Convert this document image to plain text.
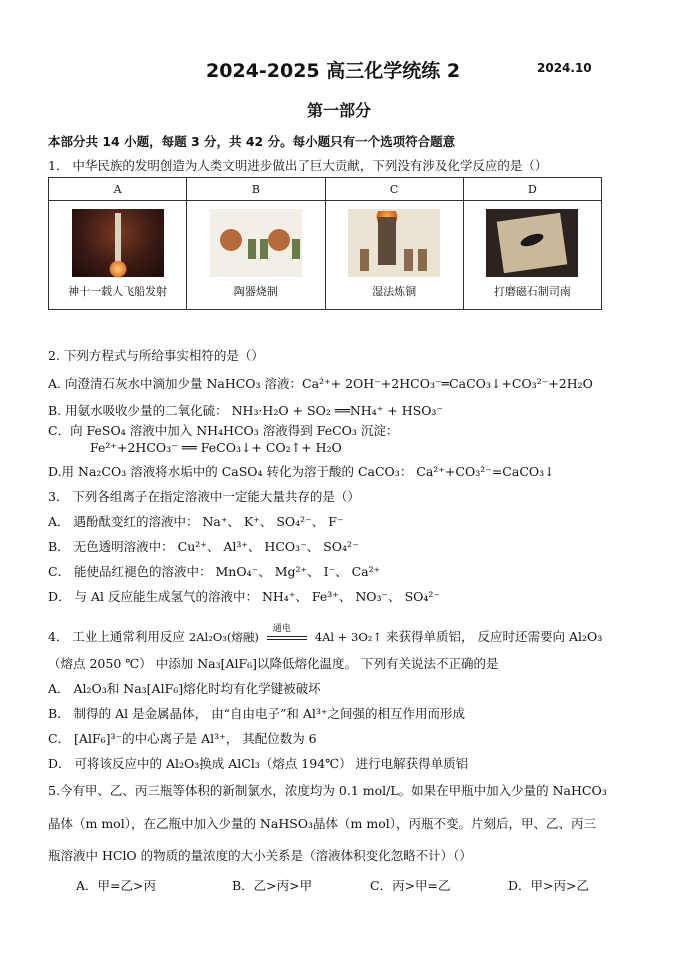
2024-2025 高三化学统练 2	2024.10
第一部分
本部分共 14 小题，每题 3 分，共 42 分。每小题只有一个选项符合题意
1． 中华民族的发明创造为人类文明进步做出了巨大贡献，下列没有涉及化学反应的是（）
A	B	C	D

神十一载人飞船发射	陶器烧制	湿法炼铜	打磨磁石制司南
2. 下列方程式与所给事实相符的是（）
A. 向澄清石灰水中滴加少量 NaHCO₃ 溶液：Ca²⁺+ 2OH⁻+2HCO₃⁻═CaCO₃↓+CO₃²⁻+2H₂O
B. 用氨水吸收少量的二氧化硫： NH₃·H₂O + SO₂ ══NH₄⁺ + HSO₃⁻
C．向 FeSO₄ 溶液中加入 NH₄HCO₃ 溶液得到 FeCO₃ 沉淀：
Fe²⁺+2HCO₃⁻ ══ FeCO₃↓+ CO₂↑+ H₂O
D.用 Na₂CO₃ 溶液将水垢中的 CaSO₄ 转化为溶于酸的 CaCO₃： Ca²⁺+CO₃²⁻=CaCO₃↓
3． 下列各组离子在指定溶液中一定能大量共存的是（）
A． 遇酚酞变红的溶液中： Na⁺、 K⁺、 SO₄²⁻、 F⁻
B． 无色透明溶液中： Cu²⁺、 Al³⁺、 HCO₃⁻、 SO₄²⁻
C． 能使品红褪色的溶液中： MnO₄⁻、 Mg²⁺、 I⁻、 Ca²⁺
D． 与 Al 反应能生成氢气的溶液中： NH₄⁺、 Fe³⁺、 NO₃⁻、 SO₄²⁻
4． 工业上通常利用反应 2Al₂O₃(熔融)
通电
4Al + 3O₂↑ 来获得单质铝， 反应时还需要向 Al₂O₃
（熔点 2050 ℃） 中添加 Na₃[AlF₆]以降低熔化温度。 下列有关说法不正确的是
A． Al₂O₃和 Na₃[AlF₆]熔化时均有化学键被破坏
B． 制得的 Al 是金属晶体， 由“自由电子”和 Al³⁺之间强的相互作用而形成
C． [AlF₆]³⁻的中心离子是 Al³⁺， 其配位数为 6
D． 可将该反应中的 Al₂O₃换成 AlCl₃（熔点 194℃） 进行电解获得单质铝
5.今有甲、乙、丙三瓶等体积的新制氯水，浓度均为 0.1 mol/L。如果在甲瓶中加入少量的 NaHCO₃
晶体（m mol），在乙瓶中加入少量的 NaHSO₃晶体（m mol），丙瓶不变。片刻后，甲、乙、丙三
瓶溶液中 HClO 的物质的量浓度的大小关系是（溶液体积变化忽略不计）（）
A．甲=乙>丙	B．乙>丙>甲	C．丙>甲=乙	D．甲>丙>乙
